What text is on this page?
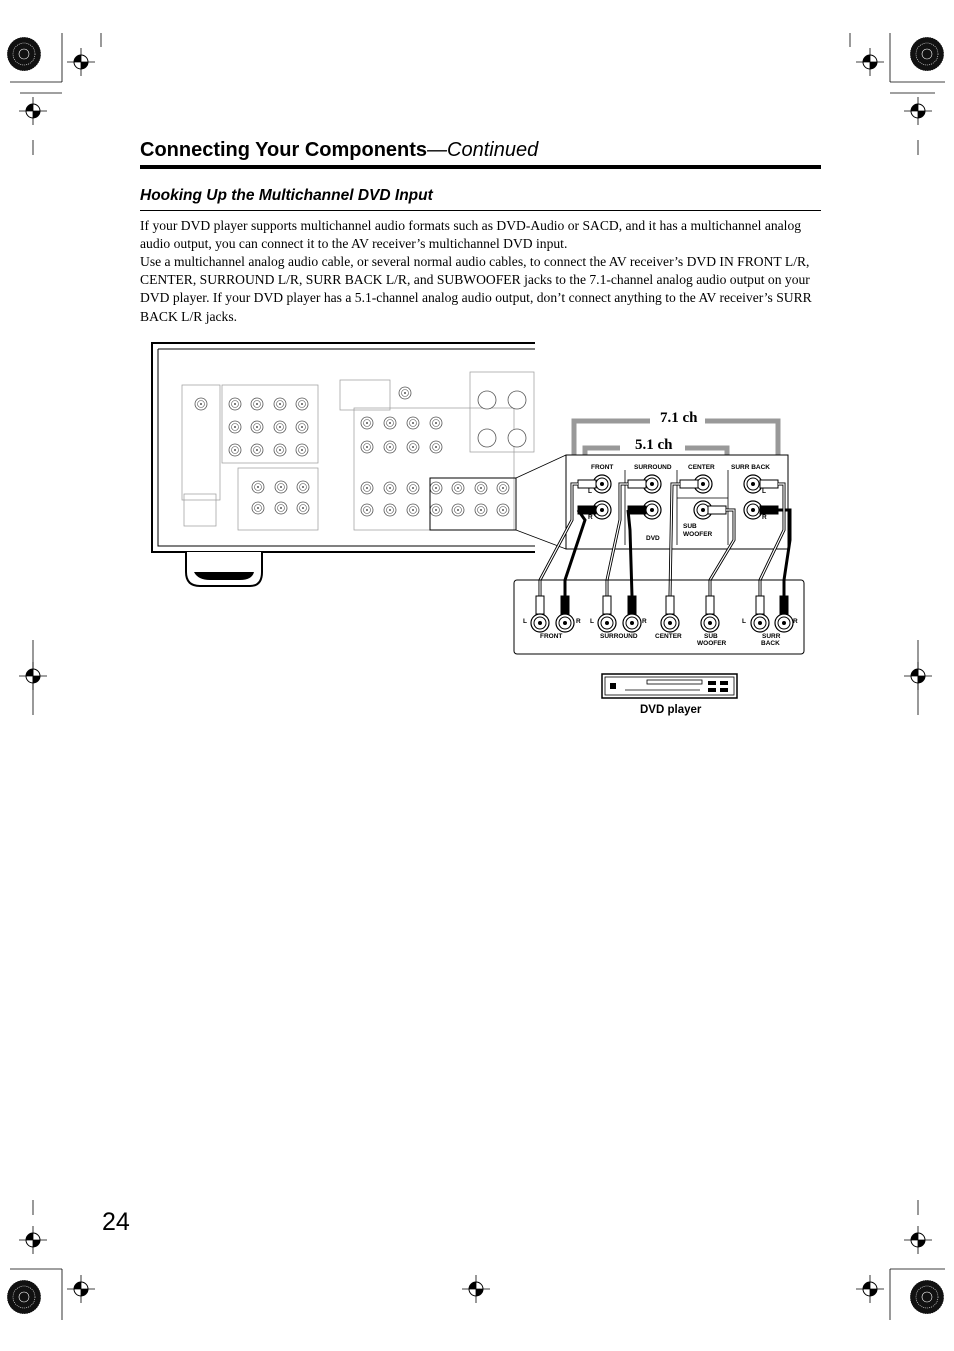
Connecting Your Components—Continued
Hooking Up the Multichannel DVD Input
If your DVD player supports multichannel audio formats such as DVD-Audio or SACD, and it has a multichannel analog audio output, you can connect it to the AV receiver’s multichannel DVD input.
Use a multichannel analog audio cable, or several normal audio cables, to connect the AV receiver’s DVD IN FRONT L/R, CENTER, SURROUND L/R, SURR BACK L/R, and SUBWOOFER jacks to the 7.1-channel analog audio output on your DVD player. If your DVD player has a 5.1-channel analog audio output, don’t connect anything to the AV receiver’s SURR BACK L/R jacks.
7.1 ch
5.1 ch
FRONT	SURROUND	CENTER	SURR BACK
L
R
L
R
SUB
WOOFER
DVD
L	R L	R	L	R
FRONT	SURROUND	CENTER	SUB
WOOFER
SURR
BACK
DVD player
24
